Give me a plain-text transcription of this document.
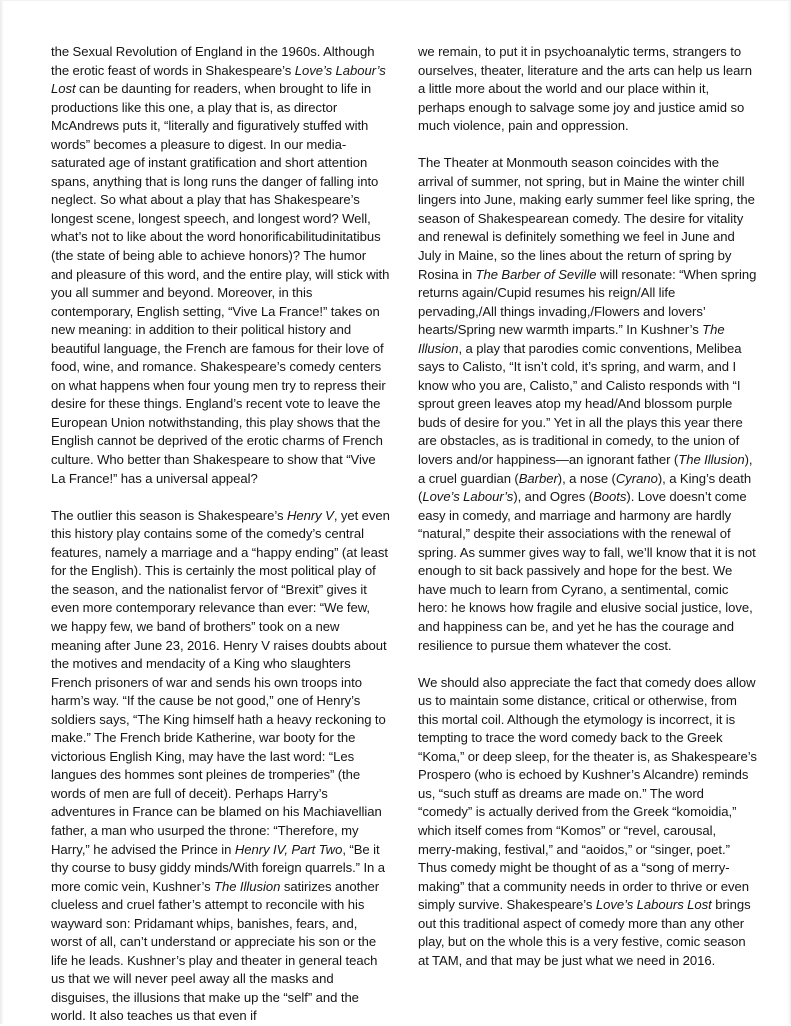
the Sexual Revolution of England in the 1960s. Although the erotic feast of words in Shakespeare’s Love’s Labour’s Lost can be daunting for readers, when brought to life in productions like this one, a play that is, as director McAndrews puts it, “literally and figuratively stuffed with words” becomes a pleasure to digest. In our media-saturated age of instant gratification and short attention spans, anything that is long runs the danger of falling into neglect. So what about a play that has Shakespeare’s longest scene, longest speech, and longest word? Well, what’s not to like about the word honorificabilitudinitatibus (the state of being able to achieve honors)? The humor and pleasure of this word, and the entire play, will stick with you all summer and beyond. Moreover, in this contemporary, English setting, “Vive La France!” takes on new meaning: in addition to their political history and beautiful language, the French are famous for their love of food, wine, and romance. Shakespeare’s comedy centers on what happens when four young men try to repress their desire for these things. England’s recent vote to leave the European Union notwithstanding, this play shows that the English cannot be deprived of the erotic charms of French culture. Who better than Shakespeare to show that “Vive La France!” has a universal appeal?

The outlier this season is Shakespeare’s Henry V, yet even this history play contains some of the comedy’s central features, namely a marriage and a “happy ending” (at least for the English). This is certainly the most political play of the season, and the nationalist fervor of “Brexit” gives it even more contemporary relevance than ever: “We few, we happy few, we band of brothers” took on a new meaning after June 23, 2016. Henry V raises doubts about the motives and mendacity of a King who slaughters French prisoners of war and sends his own troops into harm’s way. “If the cause be not good,” one of Henry’s soldiers says, “The King himself hath a heavy reckoning to make.” The French bride Katherine, war booty for the victorious English King, may have the last word: “Les langues des hommes sont pleines de tromperies” (the words of men are full of deceit). Perhaps Harry’s adventures in France can be blamed on his Machiavellian father, a man who usurped the throne: “Therefore, my Harry,” he advised the Prince in Henry IV, Part Two, “Be it thy course to busy giddy minds/With foreign quarrels.” In a more comic vein, Kushner’s The Illusion satirizes another clueless and cruel father’s attempt to reconcile with his wayward son: Pridamant whips, banishes, fears, and, worst of all, can’t understand or appreciate his son or the life he leads. Kushner’s play and theater in general teach us that we will never peel away all the masks and disguises, the illusions that make up the “self” and the world. It also teaches us that even if

we remain, to put it in psychoanalytic terms, strangers to ourselves, theater, literature and the arts can help us learn a little more about the world and our place within it, perhaps enough to salvage some joy and justice amid so much violence, pain and oppression.

The Theater at Monmouth season coincides with the arrival of summer, not spring, but in Maine the winter chill lingers into June, making early summer feel like spring, the season of Shakespearean comedy. The desire for vitality and renewal is definitely something we feel in June and July in Maine, so the lines about the return of spring by Rosina in The Barber of Seville will resonate: “When spring returns again/Cupid resumes his reign/All life pervading,/All things invading,/Flowers and lovers’ hearts/Spring new warmth imparts.” In Kushner’s The Illusion, a play that parodies comic conventions, Melibea says to Calisto, “It isn’t cold, it’s spring, and warm, and I know who you are, Calisto,” and Calisto responds with “I sprout green leaves atop my head/And blossom purple buds of desire for you.” Yet in all the plays this year there are obstacles, as is traditional in comedy, to the union of lovers and/or happiness—an ignorant father (The Illusion), a cruel guardian (Barber), a nose (Cyrano), a King’s death (Love’s Labour’s), and Ogres (Boots). Love doesn’t come easy in comedy, and marriage and harmony are hardly “natural,” despite their associations with the renewal of spring. As summer gives way to fall, we’ll know that it is not enough to sit back passively and hope for the best. We have much to learn from Cyrano, a sentimental, comic hero: he knows how fragile and elusive social justice, love, and happiness can be, and yet he has the courage and resilience to pursue them whatever the cost.

We should also appreciate the fact that comedy does allow us to maintain some distance, critical or otherwise, from this mortal coil. Although the etymology is incorrect, it is tempting to trace the word comedy back to the Greek “Koma,” or deep sleep, for the theater is, as Shakespeare’s Prospero (who is echoed by Kushner’s Alcandre) reminds us, “such stuff as dreams are made on.” The word “comedy” is actually derived from the Greek “komoidia,” which itself comes from “Komos” or “revel, carousal, merry-making, festival,” and “aoidos,” or “singer, poet.” Thus comedy might be thought of as a “song of merry-making” that a community needs in order to thrive or even simply survive. Shakespeare’s Love’s Labours Lost brings out this traditional aspect of comedy more than any other play, but on the whole this is a very festive, comic season at TAM, and that may be just what we need in 2016.
